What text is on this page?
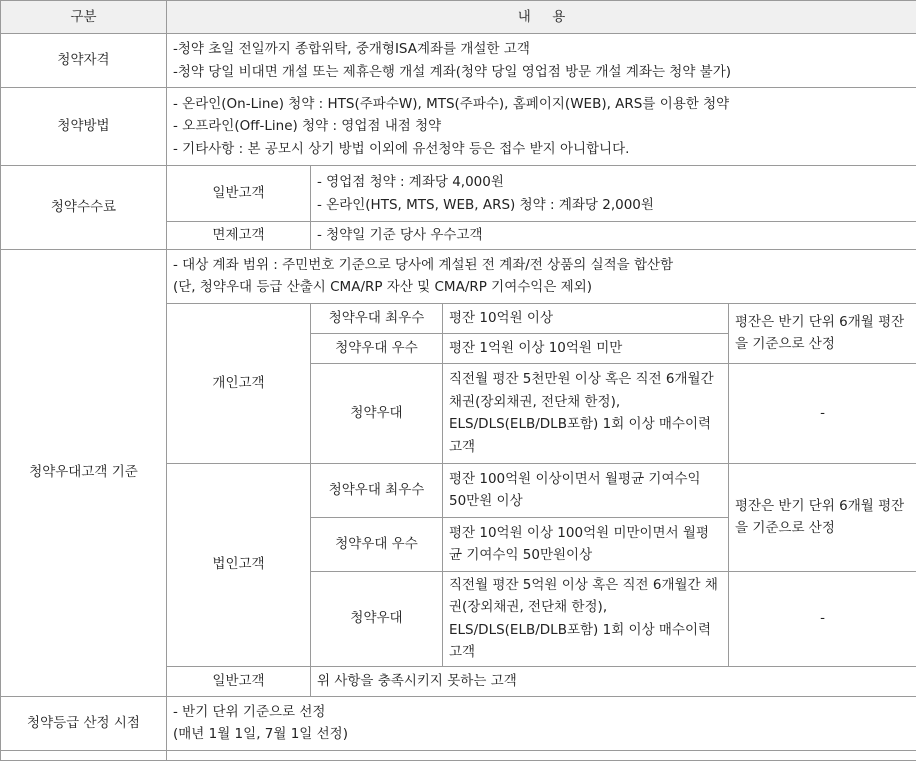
구분	내     용			
청약자격	-청약 초일 전일까지 종합위탁, 중개형ISA계좌를 개설한 고객
-청약 당일 비대면 개설 또는 제휴은행 개설 계좌(청약 당일 영업점 방문 개설 계좌는 청약 불가)			

청약방법	- 온라인(On-Line) 청약 : HTS(주파수W), MTS(주파수), 홈페이지(WEB), ARS를 이용한 청약
- 오프라인(Off-Line) 청약 : 영업점 내점 청약
- 기타사항 : 본 공모시 상기 방법 이외에 유선청약 등은 접수 받지 아니합니다.			

청약수수료	일반고객	- 영업점 청약 : 계좌당 4,000원
- 온라인(HTS, MTS, WEB, ARS) 청약 : 계좌당 2,000원		

	면제고객	- 청약일 기준 당사 우수고객		
청약우대고객 기준	- 대상 계좌 범위 : 주민번호 기준으로 당사에 계설된 전 계좌/전 상품의 실적을 합산함
(단, 청약우대 등급 산출시 CMA/RP 자산 및 CMA/RP 기여수익은 제외)			

	개인고객	청약우대 최우수	평잔 10억원 이상	평잔은 반기 단위 6개월 평잔을 기준으로 산정
		청약우대 우수	평잔 1억원 이상 10억원 미만	
		청약우대	직전월 평잔 5천만원 이상 혹은 직전 6개월간 채권(장외채권, 전단채 한정), ELS/DLS(ELB/DLB포함) 1회 이상 매수이력 고객	-
	법인고객	청약우대 최우수	평잔 100억원 이상이면서 월평균 기여수익 50만원 이상	평잔은 반기 단위 6개월 평잔을 기준으로 산정
		청약우대 우수	평잔 10억원 이상 100억원 미만이면서 월평균 기여수익 50만원이상	
		청약우대	직전월 평잔 5억원 이상 혹은 직전 6개월간 채권(장외채권, 전단채 한정), ELS/DLS(ELB/DLB포함) 1회 이상 매수이력 고객	-
	일반고객	위 사항을 충족시키지 못하는 고객		
청약등급 산정 시점	- 반기 단위 기준으로 선정
(매년 1월 1일, 7월 1일 선정)			
